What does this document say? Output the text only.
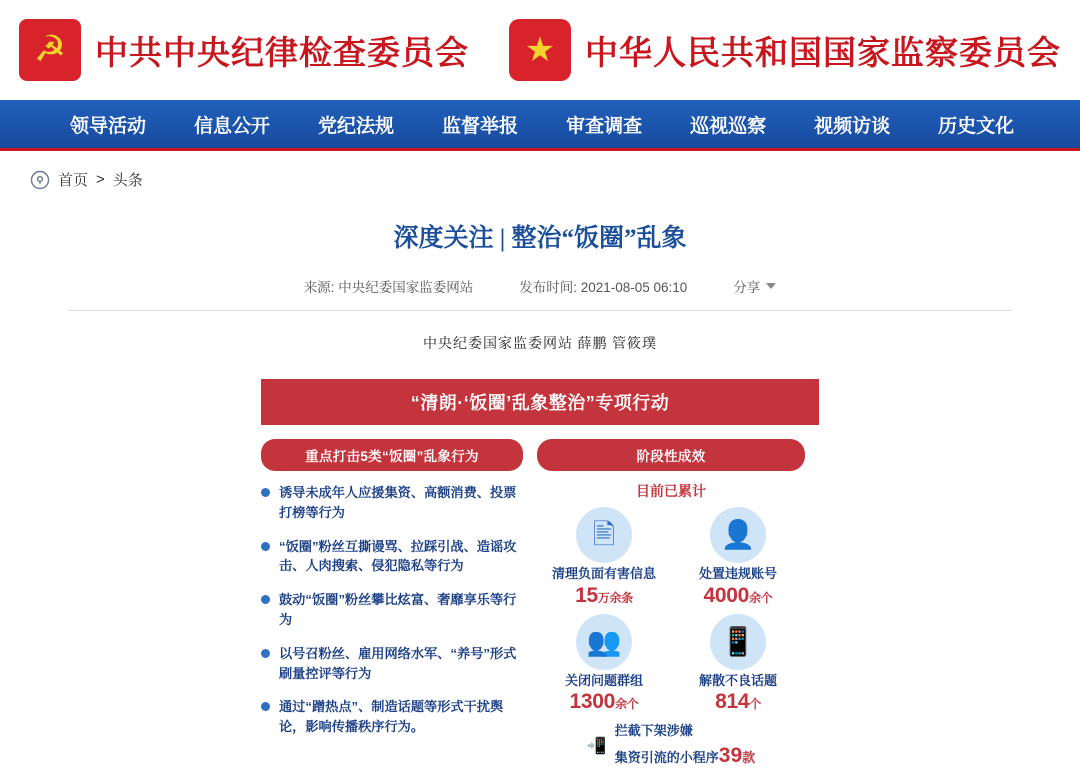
☭ 中共中央纪律检查委员会 ★ 中华人民共和国国家监察委员会
领导活动	信息公开	党纪法规	监督举报	审查调查	巡视巡察	视频访谈	历史文化
首页 > 头条
深度关注 | 整治“饭圈”乱象
来源: 中央纪委国家监委网站	发布时间: 2021-08-05 06:10	分享
中央纪委国家监委网站 薛鹏 管筱璞
“清朗·‘饭圈’乱象整治”专项行动
重点打击5类“饭圈”乱象行为
诱导未成年人应援集资、高额消费、投票打榜等行为
“饭圈”粉丝互撕谩骂、拉踩引战、造谣攻击、人肉搜索、侵犯隐私等行为
鼓动“饭圈”粉丝攀比炫富、奢靡享乐等行为
以号召粉丝、雇用网络水军、“养号”形式刷量控评等行为
通过“蹭热点”、制造话题等形式干扰舆论，影响传播秩序行为。
阶段性成效
目前已累计
🖹
清理负面有害信息
15万余条
👤
处置违规账号
4000余个
👥
关闭问题群组
1300余个
📱
解散不良话题
814个
📲
拦截下架涉嫌
集资引流的小程序39款
